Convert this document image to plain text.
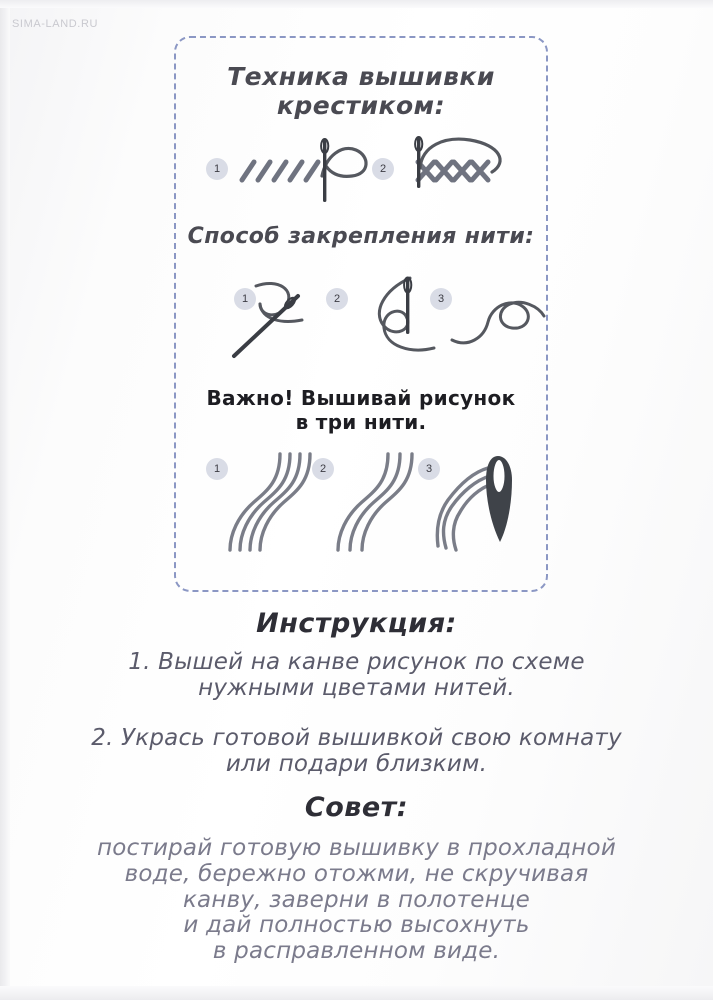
SIMA-LAND.RU
Техника вышивки
крестиком:
1	2
Способ закрепления нити:
1	2	3
Важно! Вышивай рисунок
в три нити.
1	2	3
Инструкция:
1. Вышей на канве рисунок по схеме
нужными цветами нитей.
2. Укрась готовой вышивкой свою комнату
или подари близким.
Совет:
постирай готовую вышивку в прохладной
воде, бережно отожми, не скручивая
канву, заверни в полотенце
и дай полностью высохнуть
в расправленном виде.
